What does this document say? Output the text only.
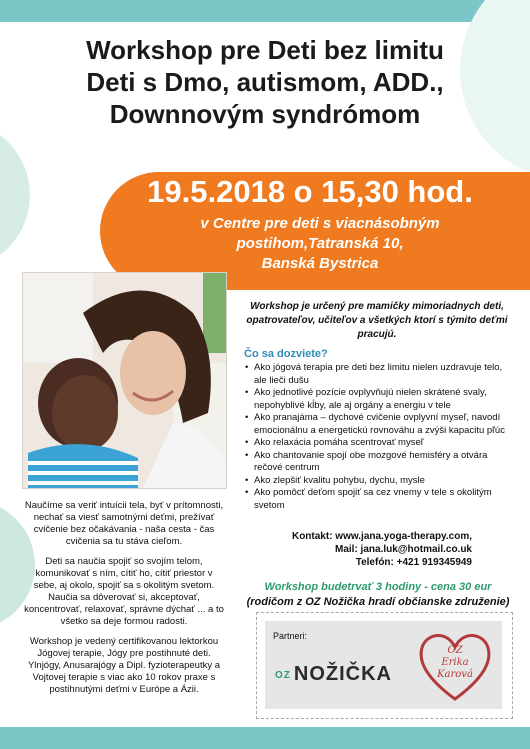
Workshop pre Deti bez limitu
Deti s Dmo, autismom, ADD.,
Downnovým syndrómom
19.5.2018 o 15,30 hod.
v Centre pre deti s viacnásobným
postihom,Tatranská 10,
Banská Bystrica
Workshop je určený pre mamičky mimoriadnych deti, opatrovateľov, učiteľov a všetkých ktorí s týmito deťmi pracujú.
Čo sa dozviete?
• Ako jógová terapia pre deti bez limitu nielen uzdravuje telo, ale lieči dušu
• Ako jednotlivé pozície ovplyvňujú nielen skrátené svaly, nepohyblivé kĺby, ale aj orgány a energiu v tele
• Ako pranajáma – dychové cvičenie ovplyvní myseľ, navodí emocionálnu a energetickú rovnováhu a zvýši kapacitu pľúc
• Ako relaxácia pomáha scentrovať myseľ
• Ako chantovanie spojí obe mozgové hemisféry a otvára rečové centrum
• Ako zlepšiť kvalitu pohybu, dychu, mysle
• Ako pomôcť deťom spojiť sa cez vnemy v tele s okolitým svetom

Naučíme sa veriť intuícii tela, byť v prítomnosti, nechať sa viesť samotnými deťmi, prežívať cvičenie bez očakávania - naša cesta - čas cvičenia sa tu stáva cieľom.

Deti sa naučia spojiť so svojím telom, komunikovať s ním, cítiť ho, cítiť priestor v sebe, aj okolo, spojiť sa s okolitým svetom. Naučia sa dôverovať si, akceptovať, koncentrovať, relaxovať, správne dýchať ... a to všetko sa deje formou radosti.

Workshop je vedený certifikovanou lektorkou Jógovej terapie, Jógy pre postihnuté deti. Ylnjógy, Anusarajógy a Dipl. fyzioterapeutky a Vojtovej terapie s viac ako 10 rokov praxe s postihnutými deťmi v Európe a Ázii.

Kontakt: www.jana.yoga-therapy.com,
Mail: jana.luk@hotmail.co.uk
Telefón: +421 919345949
Workshop budetrvať 3 hodiny - cena 30 eur
(rodičom z OZ Nožička hradí občianske združenie)
Partneri:
OZ NOŽIČKA
OZ
Erika
Karová
